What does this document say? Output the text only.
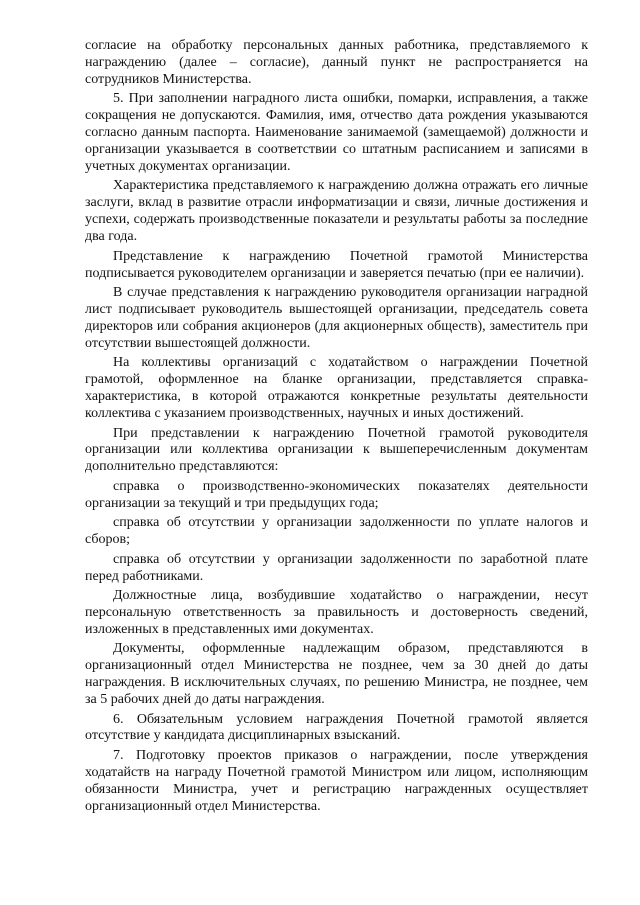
согласие на обработку персональных данных работника, представляемого к награждению (далее – согласие), данный пункт не распространяется на сотрудников Министерства.

5. При заполнении наградного листа ошибки, помарки, исправления, а также сокращения не допускаются. Фамилия, имя, отчество дата рождения указываются согласно данным паспорта. Наименование занимаемой (замещаемой) должности и организации указывается в соответствии со штатным расписанием и записями в учетных документах организации.

Характеристика представляемого к награждению должна отражать его личные заслуги, вклад в развитие отрасли информатизации и связи, личные достижения и успехи, содержать производственные показатели и результаты работы за последние два года.

Представление к награждению Почетной грамотой Министерства подписывается руководителем организации и заверяется печатью (при ее наличии).

В случае представления к награждению руководителя организации наградной лист подписывает руководитель вышестоящей организации, председатель совета директоров или собрания акционеров (для акционерных обществ), заместитель при отсутствии вышестоящей должности.

На коллективы организаций с ходатайством о награждении Почетной грамотой, оформленное на бланке организации, представляется справка-характеристика, в которой отражаются конкретные результаты деятельности коллектива с указанием производственных, научных и иных достижений.

При представлении к награждению Почетной грамотой руководителя организации или коллектива организации к вышеперечисленным документам дополнительно представляются:

справка о производственно-экономических показателях деятельности организации за текущий и три предыдущих года;

справка об отсутствии у организации задолженности по уплате налогов и сборов;

справка об отсутствии у организации задолженности по заработной плате перед работниками.

Должностные лица, возбудившие ходатайство о награждении, несут персональную ответственность за правильность и достоверность сведений, изложенных в представленных ими документах.

Документы, оформленные надлежащим образом, представляются в организационный отдел Министерства не позднее, чем за 30 дней до даты награждения. В исключительных случаях, по решению Министра, не позднее, чем за 5 рабочих дней до даты награждения.

6. Обязательным условием награждения Почетной грамотой является отсутствие у кандидата дисциплинарных взысканий.

7. Подготовку проектов приказов о награждении, после утверждения ходатайств на награду Почетной грамотой Министром или лицом, исполняющим обязанности Министра, учет и регистрацию награжденных осуществляет организационный отдел Министерства.
